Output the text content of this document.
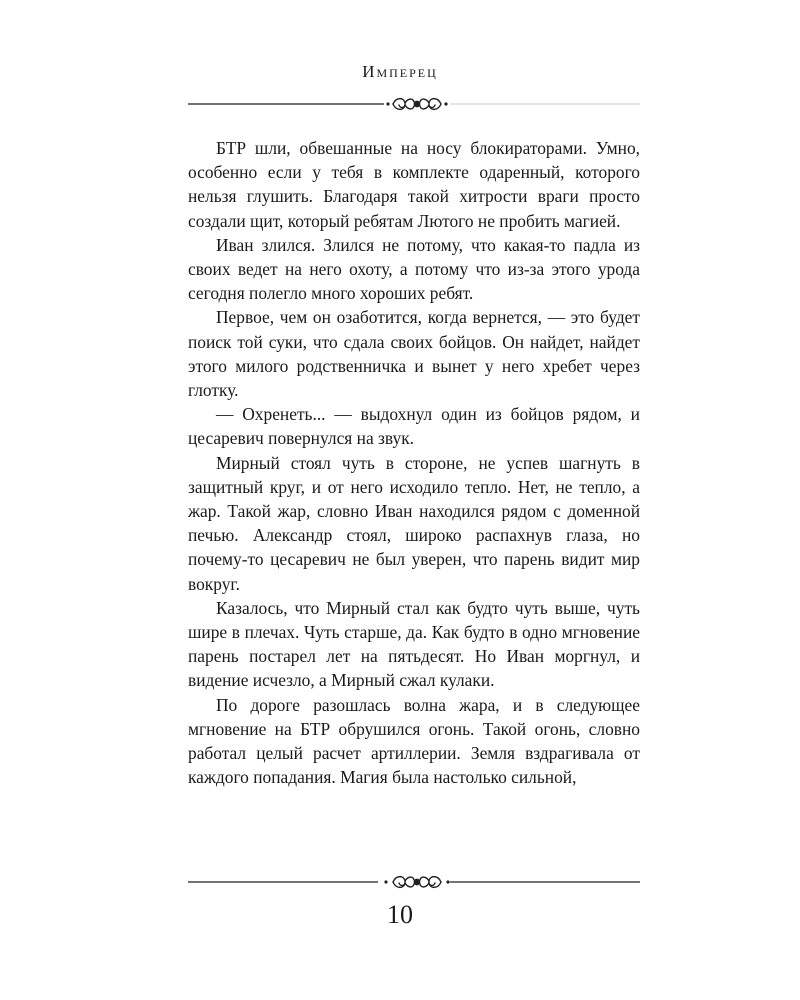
Имперец

БТР шли, обвешанные на носу блокираторами. Умно, особенно если у тебя в комплекте одаренный, которого нельзя глушить. Благодаря такой хитрости враги просто создали щит, который ребятам Лютого не пробить магией.

Иван злился. Злился не потому, что какая-то падла из своих ведет на него охоту, а потому что из-за этого урода сегодня полегло много хороших ребят.

Первое, чем он озаботится, когда вернется, — это будет поиск той суки, что сдала своих бойцов. Он найдет, найдет этого милого родственничка и вынет у него хребет через глотку.

— Охренеть... — выдохнул один из бойцов рядом, и цесаревич повернулся на звук.

Мирный стоял чуть в стороне, не успев шагнуть в защитный круг, и от него исходило тепло. Нет, не тепло, а жар. Такой жар, словно Иван находился рядом с доменной печью. Александр стоял, широко распахнув глаза, но почему-то цесаревич не был уверен, что парень видит мир вокруг.

Казалось, что Мирный стал как будто чуть выше, чуть шире в плечах. Чуть старше, да. Как будто в одно мгновение парень постарел лет на пятьдесят. Но Иван моргнул, и видение исчезло, а Мирный сжал кулаки.

По дороге разошлась волна жара, и в следующее мгновение на БТР обрушился огонь. Такой огонь, словно работал целый расчет артиллерии. Земля вздрагивала от каждого попадания. Магия была настолько сильной,

10
